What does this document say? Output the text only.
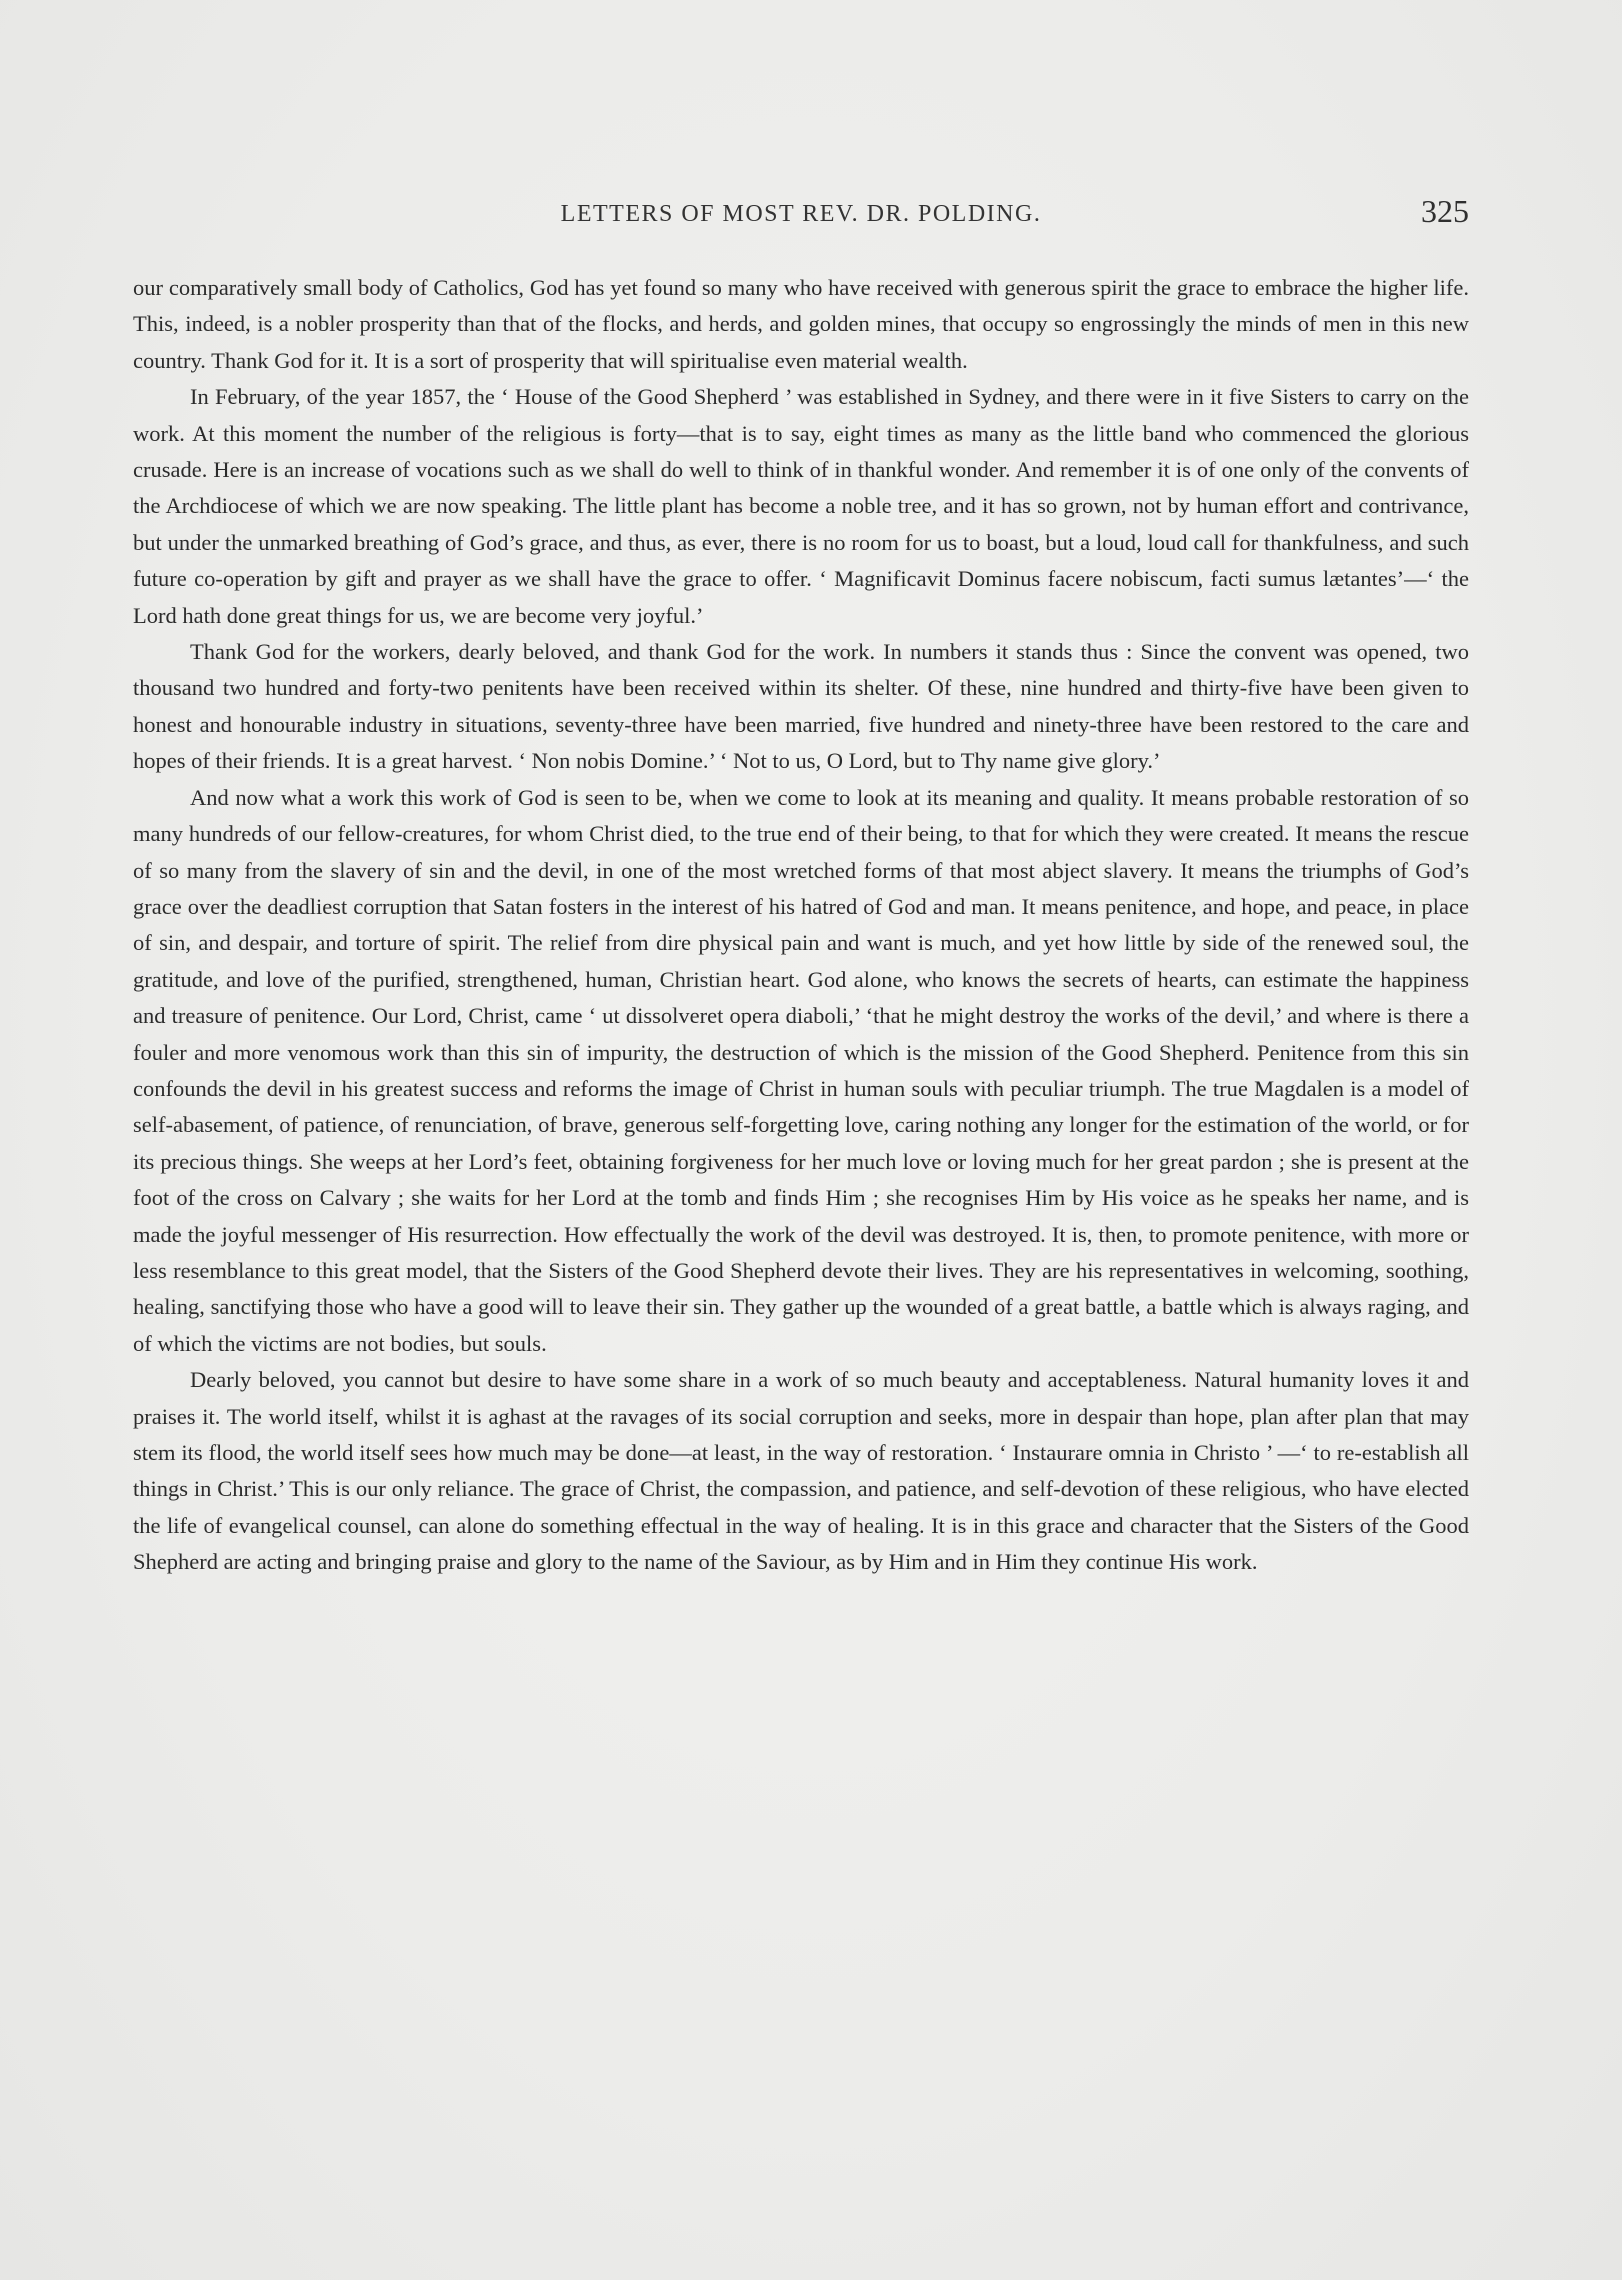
LETTERS OF MOST REV. DR. POLDING.	325

our comparatively small body of Catholics, God has yet found so many who have received with generous spirit the grace to embrace the higher life. This, indeed, is a nobler prosperity than that of the flocks, and herds, and golden mines, that occupy so engrossingly the minds of men in this new country. Thank God for it. It is a sort of prosperity that will spiritualise even material wealth.

In February, of the year 1857, the ‘ House of the Good Shepherd ’ was established in Sydney, and there were in it five Sisters to carry on the work. At this moment the number of the religious is forty—that is to say, eight times as many as the little band who commenced the glorious crusade. Here is an increase of vocations such as we shall do well to think of in thankful wonder. And remember it is of one only of the convents of the Archdiocese of which we are now speaking. The little plant has become a noble tree, and it has so grown, not by human effort and contrivance, but under the unmarked breathing of God’s grace, and thus, as ever, there is no room for us to boast, but a loud, loud call for thankfulness, and such future co-operation by gift and prayer as we shall have the grace to offer. ‘ Magnificavit Dominus facere nobiscum, facti sumus lætantes’—‘ the Lord hath done great things for us, we are become very joyful.’

Thank God for the workers, dearly beloved, and thank God for the work. In numbers it stands thus : Since the convent was opened, two thousand two hundred and forty-two penitents have been received within its shelter. Of these, nine hundred and thirty-five have been given to honest and honourable industry in situations, seventy-three have been married, five hundred and ninety-three have been restored to the care and hopes of their friends. It is a great harvest. ‘ Non nobis Domine.’ ‘ Not to us, O Lord, but to Thy name give glory.’

And now what a work this work of God is seen to be, when we come to look at its meaning and quality. It means probable restoration of so many hundreds of our fellow-creatures, for whom Christ died, to the true end of their being, to that for which they were created. It means the rescue of so many from the slavery of sin and the devil, in one of the most wretched forms of that most abject slavery. It means the triumphs of God’s grace over the deadliest corruption that Satan fosters in the interest of his hatred of God and man. It means penitence, and hope, and peace, in place of sin, and despair, and torture of spirit. The relief from dire physical pain and want is much, and yet how little by side of the renewed soul, the gratitude, and love of the purified, strengthened, human, Christian heart. God alone, who knows the secrets of hearts, can estimate the happiness and treasure of penitence. Our Lord, Christ, came ‘ ut dissolveret opera diaboli,’ ‘that he might destroy the works of the devil,’ and where is there a fouler and more venomous work than this sin of impurity, the destruction of which is the mission of the Good Shepherd. Penitence from this sin confounds the devil in his greatest success and reforms the image of Christ in human souls with peculiar triumph. The true Magdalen is a model of self-abasement, of patience, of renunciation, of brave, generous self-forgetting love, caring nothing any longer for the estimation of the world, or for its precious things. She weeps at her Lord’s feet, obtaining forgiveness for her much love or loving much for her great pardon ; she is present at the foot of the cross on Calvary ; she waits for her Lord at the tomb and finds Him ; she recognises Him by His voice as he speaks her name, and is made the joyful messenger of His resurrection. How effectually the work of the devil was destroyed. It is, then, to promote penitence, with more or less resemblance to this great model, that the Sisters of the Good Shepherd devote their lives. They are his representatives in welcoming, soothing, healing, sanctifying those who have a good will to leave their sin. They gather up the wounded of a great battle, a battle which is always raging, and of which the victims are not bodies, but souls.

Dearly beloved, you cannot but desire to have some share in a work of so much beauty and acceptableness. Natural humanity loves it and praises it. The world itself, whilst it is aghast at the ravages of its social corruption and seeks, more in despair than hope, plan after plan that may stem its flood, the world itself sees how much may be done—at least, in the way of restoration. ‘ Instaurare omnia in Christo ’ —‘ to re-establish all things in Christ.’ This is our only reliance. The grace of Christ, the compassion, and patience, and self-devotion of these religious, who have elected the life of evangelical counsel, can alone do something effectual in the way of healing. It is in this grace and character that the Sisters of the Good Shepherd are acting and bringing praise and glory to the name of the Saviour, as by Him and in Him they continue His work.
